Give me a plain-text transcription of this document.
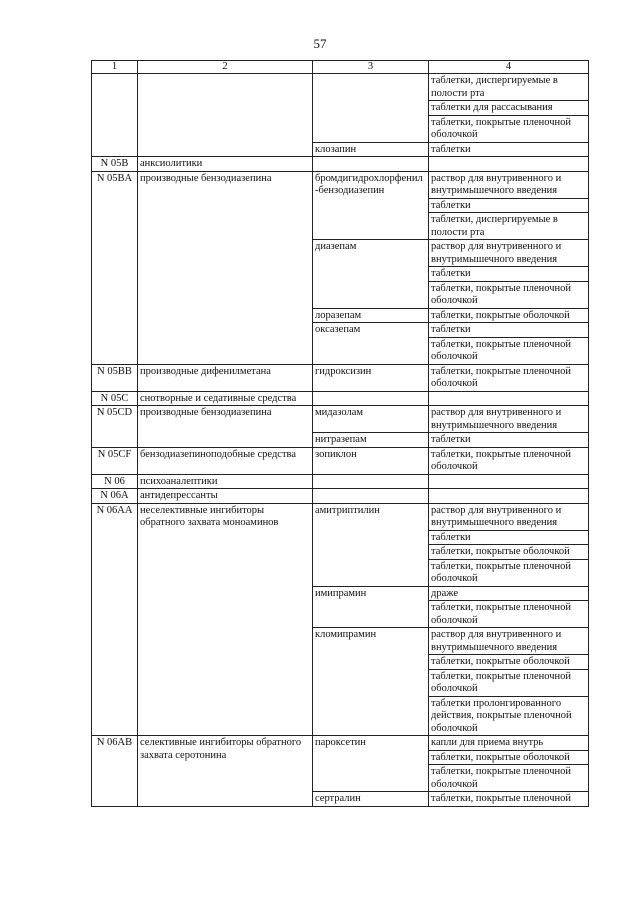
57
1	2	3	4
			таблетки, диспергируемые в полости рта
			таблетки для рассасывания
			таблетки, покрытые пленочной оболочкой
		клозапин	таблетки
N 05B	анксиолитики		
N 05BA	производные бензодиазепина	бромдигидрохлорфенил-бензодиазепин	раствор для внутривенного и внутримышечного введения
			таблетки
			таблетки, диспергируемые в полости рта
		диазепам	раствор для внутривенного и внутримышечного введения
			таблетки
			таблетки, покрытые пленочной оболочкой
		лоразепам	таблетки, покрытые оболочкой
		оксазепам	таблетки
			таблетки, покрытые пленочной оболочкой
N 05BB	производные дифенилметана	гидроксизин	таблетки, покрытые пленочной оболочкой
N 05C	снотворные и седативные средства		
N 05CD	производные бензодиазепина	мидазолам	раствор для внутривенного и внутримышечного введения
		нитразепам	таблетки
N 05CF	бензодиазепиноподобные средства	зопиклон	таблетки, покрытые пленочной оболочкой
N 06	психоаналептики		
N 06A	антидепрессанты		
N 06AA	неселективные ингибиторы обратного захвата моноаминов	амитриптилин	раствор для внутривенного и внутримышечного введения
			таблетки
			таблетки, покрытые оболочкой
			таблетки, покрытые пленочной оболочкой
		имипрамин	драже
			таблетки, покрытые пленочной оболочкой
		кломипрамин	раствор для внутривенного и внутримышечного введения
			таблетки, покрытые оболочкой
			таблетки, покрытые пленочной оболочкой
			таблетки пролонгированного действия, покрытые пленочной оболочкой
N 06AB	селективные ингибиторы обратного захвата серотонина	пароксетин	капли для приема внутрь
			таблетки, покрытые оболочкой
			таблетки, покрытые пленочной оболочкой
		сертралин	таблетки, покрытые пленочной
